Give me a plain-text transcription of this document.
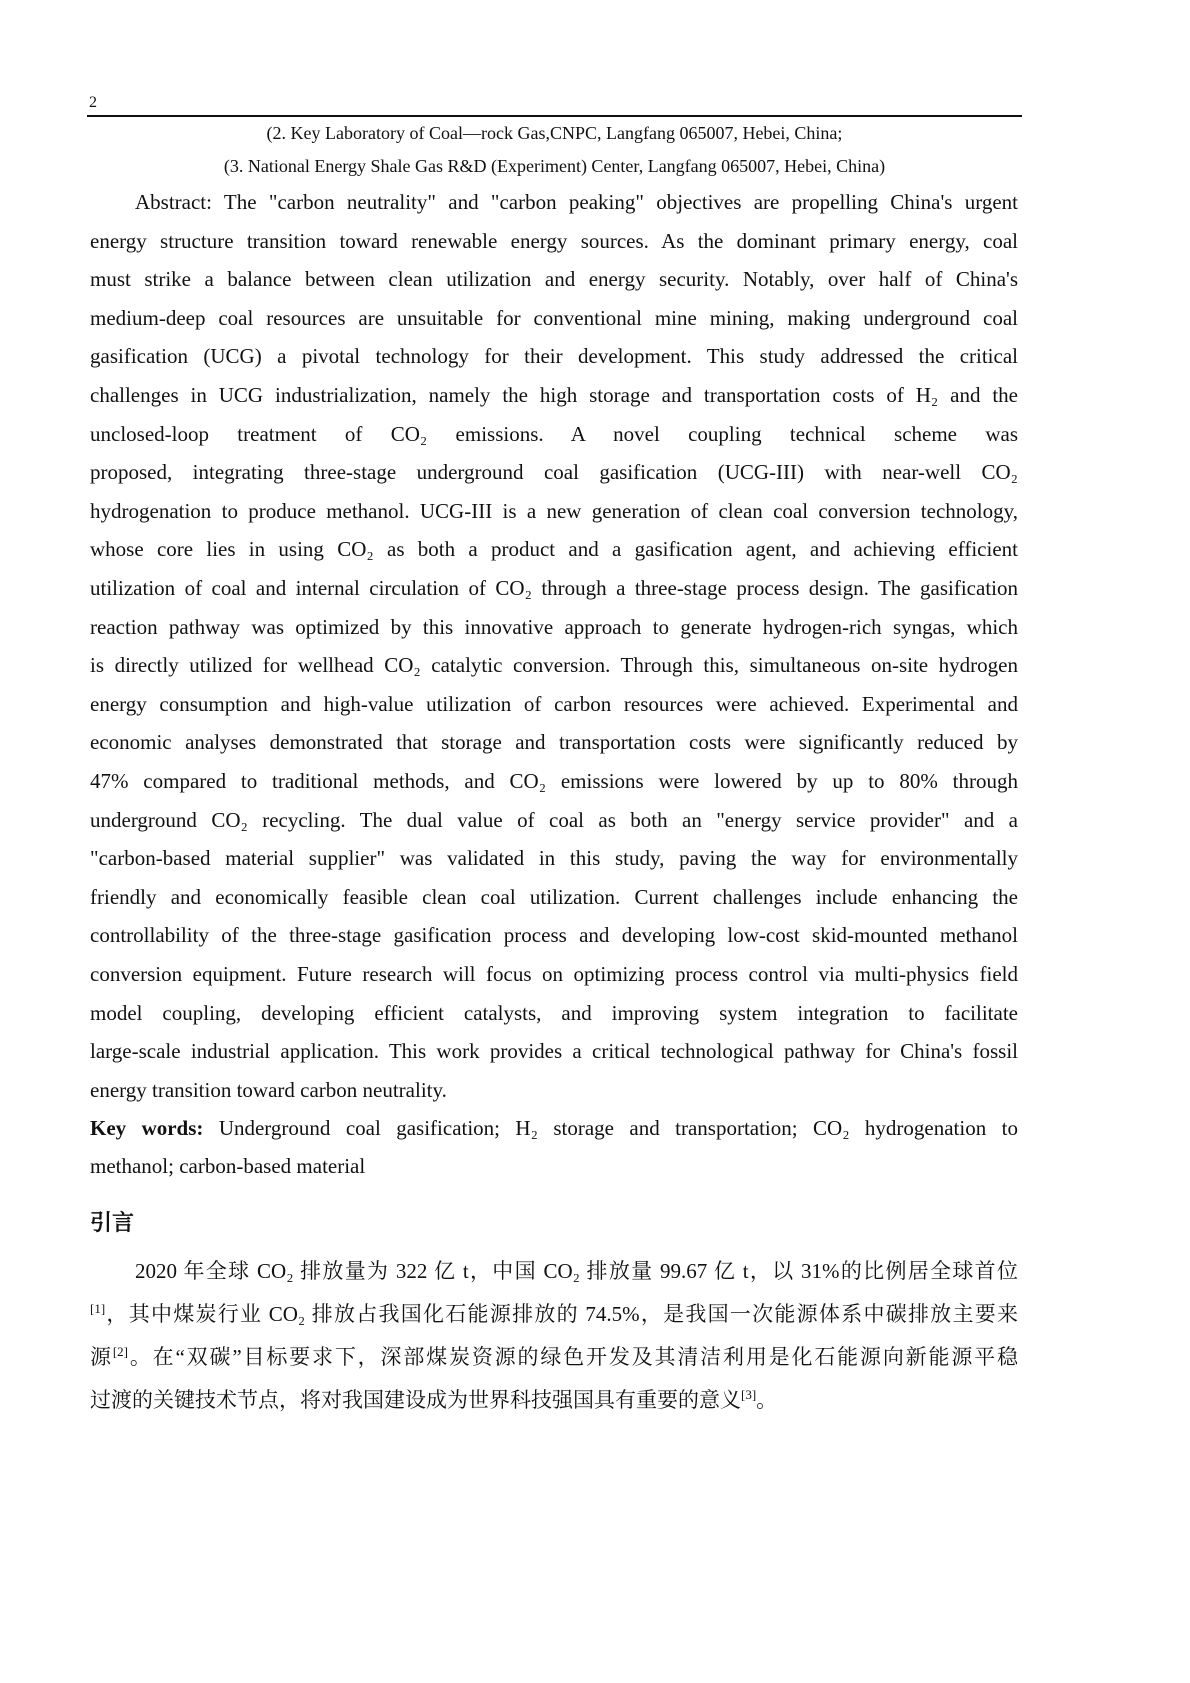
2
(2. Key Laboratory of Coal—rock Gas,CNPC, Langfang 065007, Hebei, China;
(3. National Energy Shale Gas R&D (Experiment) Center, Langfang 065007, Hebei, China)
Abstract: The "carbon neutrality" and "carbon peaking" objectives are propelling China's urgent
energy structure transition toward renewable energy sources. As the dominant primary energy, coal
must strike a balance between clean utilization and energy security. Notably, over half of China's
medium-deep coal resources are unsuitable for conventional mine mining, making underground coal
gasification (UCG) a pivotal technology for their development. This study addressed the critical
challenges in UCG industrialization, namely the high storage and transportation costs of H₂ and the
unclosed-loop treatment of CO₂ emissions. A novel coupling technical scheme was
proposed, integrating three-stage underground coal gasification (UCG-III) with near-well CO₂
hydrogenation to produce methanol. UCG-III is a new generation of clean coal conversion technology,
whose core lies in using CO₂ as both a product and a gasification agent, and achieving efficient
utilization of coal and internal circulation of CO₂ through a three-stage process design. The gasification
reaction pathway was optimized by this innovative approach to generate hydrogen-rich syngas, which
is directly utilized for wellhead CO₂ catalytic conversion. Through this, simultaneous on-site hydrogen
energy consumption and high-value utilization of carbon resources were achieved. Experimental and
economic analyses demonstrated that storage and transportation costs were significantly reduced by
47% compared to traditional methods, and CO₂ emissions were lowered by up to 80% through
underground CO₂ recycling. The dual value of coal as both an "energy service provider" and a
"carbon-based material supplier" was validated in this study, paving the way for environmentally
friendly and economically feasible clean coal utilization. Current challenges include enhancing the
controllability of the three-stage gasification process and developing low-cost skid-mounted methanol
conversion equipment. Future research will focus on optimizing process control via multi-physics field
model coupling, developing efficient catalysts, and improving system integration to facilitate
large-scale industrial application. This work provides a critical technological pathway for China's fossil
energy transition toward carbon neutrality.
Key words: Underground coal gasification; H₂ storage and transportation; CO₂ hydrogenation to
methanol; carbon-based material
引言
2020 年全球 CO₂ 排放量为 322 亿 t，中国 CO₂ 排放量 99.67 亿 t，以 31%的比例居全球首位
[1]，其中煤炭行业 CO₂ 排放占我国化石能源排放的 74.5%，是我国一次能源体系中碳排放主要来
源[2]。在“双碳”目标要求下，深部煤炭资源的绿色开发及其清洁利用是化石能源向新能源平稳
过渡的关键技术节点，将对我国建设成为世界科技强国具有重要的意义[3]。
